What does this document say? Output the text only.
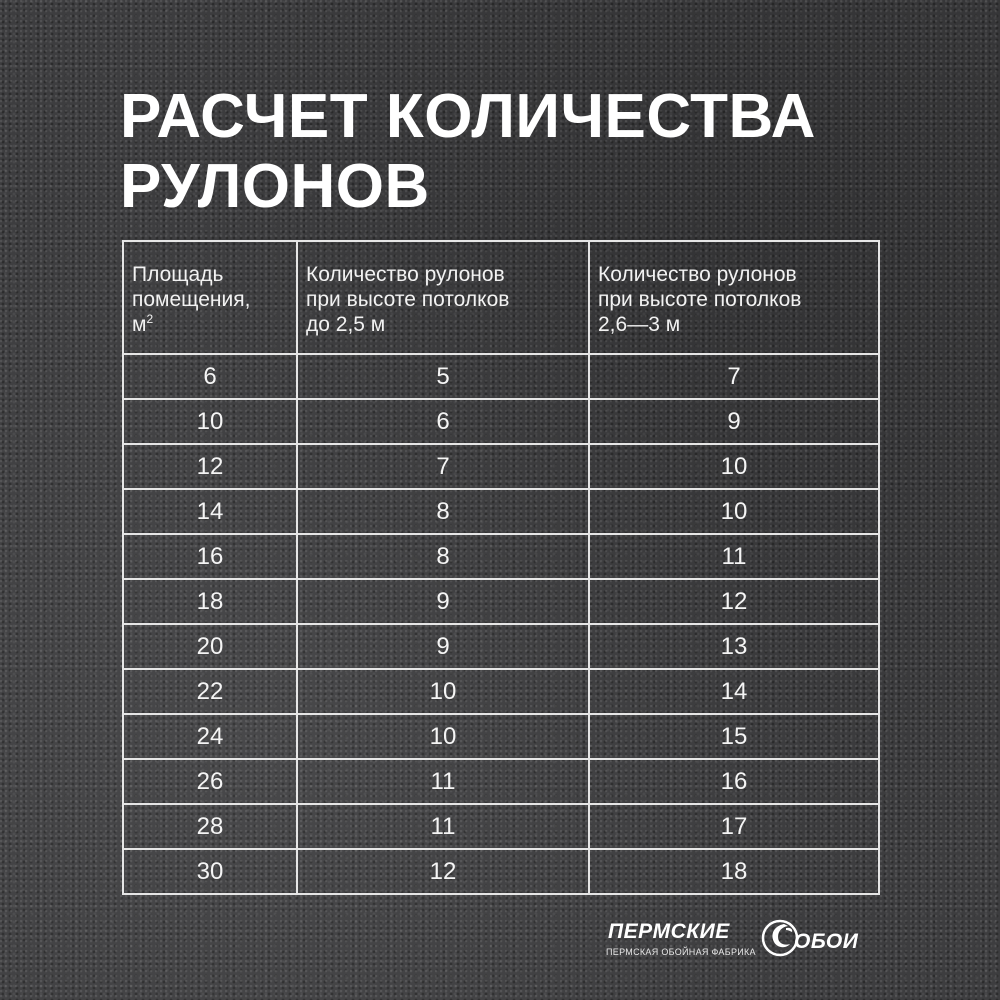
РАСЧЕТ КОЛИЧЕСТВА
РУЛОНОВ
Площадь
помещения,
$м^2$	Количество рулонов
при высоте потолков
до 2,5 м	Количество рулонов
при высоте потолков
2,6—3 м
6	5	7
10	6	9
12	7	10
14	8	10
16	8	11
18	9	12
20	9	13
22	10	14
24	10	15
26	11	16
28	11	17
30	12	18
ПЕРМСКИЕ	ОБОИ
ПЕРМСКАЯ ОБОЙНАЯ ФАБРИКА
